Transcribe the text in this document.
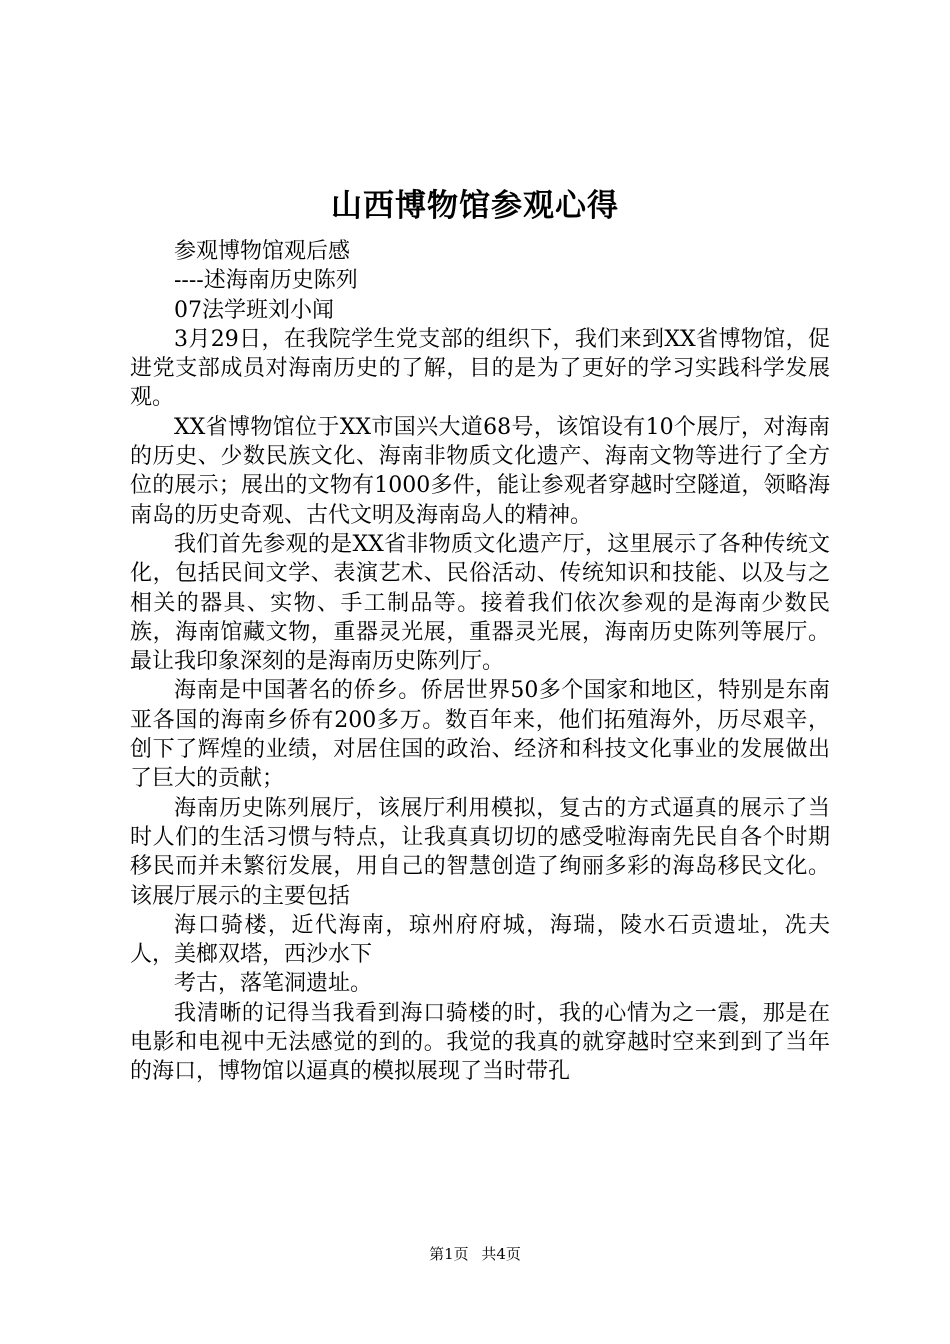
山西博物馆参观心得

参观博物馆观后感

----述海南历史陈列

07法学班刘小闻

3月29日，在我院学生党支部的组织下，我们来到XX省博物馆，促进党支部成员对海南历史的了解，目的是为了更好的学习实践科学发展观。

XX省博物馆位于XX市国兴大道68号，该馆设有10个展厅，对海南的历史、少数民族文化、海南非物质文化遗产、海南文物等进行了全方位的展示；展出的文物有1000多件，能让参观者穿越时空隧道，领略海南岛的历史奇观、古代文明及海南岛人的精神。

我们首先参观的是XX省非物质文化遗产厅，这里展示了各种传统文化，包括民间文学、表演艺术、民俗活动、传统知识和技能、以及与之相关的器具、实物、手工制品等。接着我们依次参观的是海南少数民族，海南馆藏文物，重器灵光展，重器灵光展，海南历史陈列等展厅。最让我印象深刻的是海南历史陈列厅。

海南是中国著名的侨乡。侨居世界50多个国家和地区，特别是东南亚各国的海南乡侨有200多万。数百年来，他们拓殖海外，历尽艰辛，创下了辉煌的业绩，对居住国的政治、经济和科技文化事业的发展做出了巨大的贡献；

海南历史陈列展厅，该展厅利用模拟，复古的方式逼真的展示了当时人们的生活习惯与特点，让我真真切切的感受啦海南先民自各个时期移民而并未繁衍发展，用自己的智慧创造了绚丽多彩的海岛移民文化。该展厅展示的主要包括

海口骑楼，近代海南，琼州府府城，海瑞，陵水石贡遗址，冼夫人，美榔双塔，西沙水下

考古，落笔洞遗址。

我清晰的记得当我看到海口骑楼的时，我的心情为之一震，那是在电影和电视中无法感觉的到的。我觉的我真的就穿越时空来到到了当年的海口，博物馆以逼真的模拟展现了当时带孔

第1页 共4页
